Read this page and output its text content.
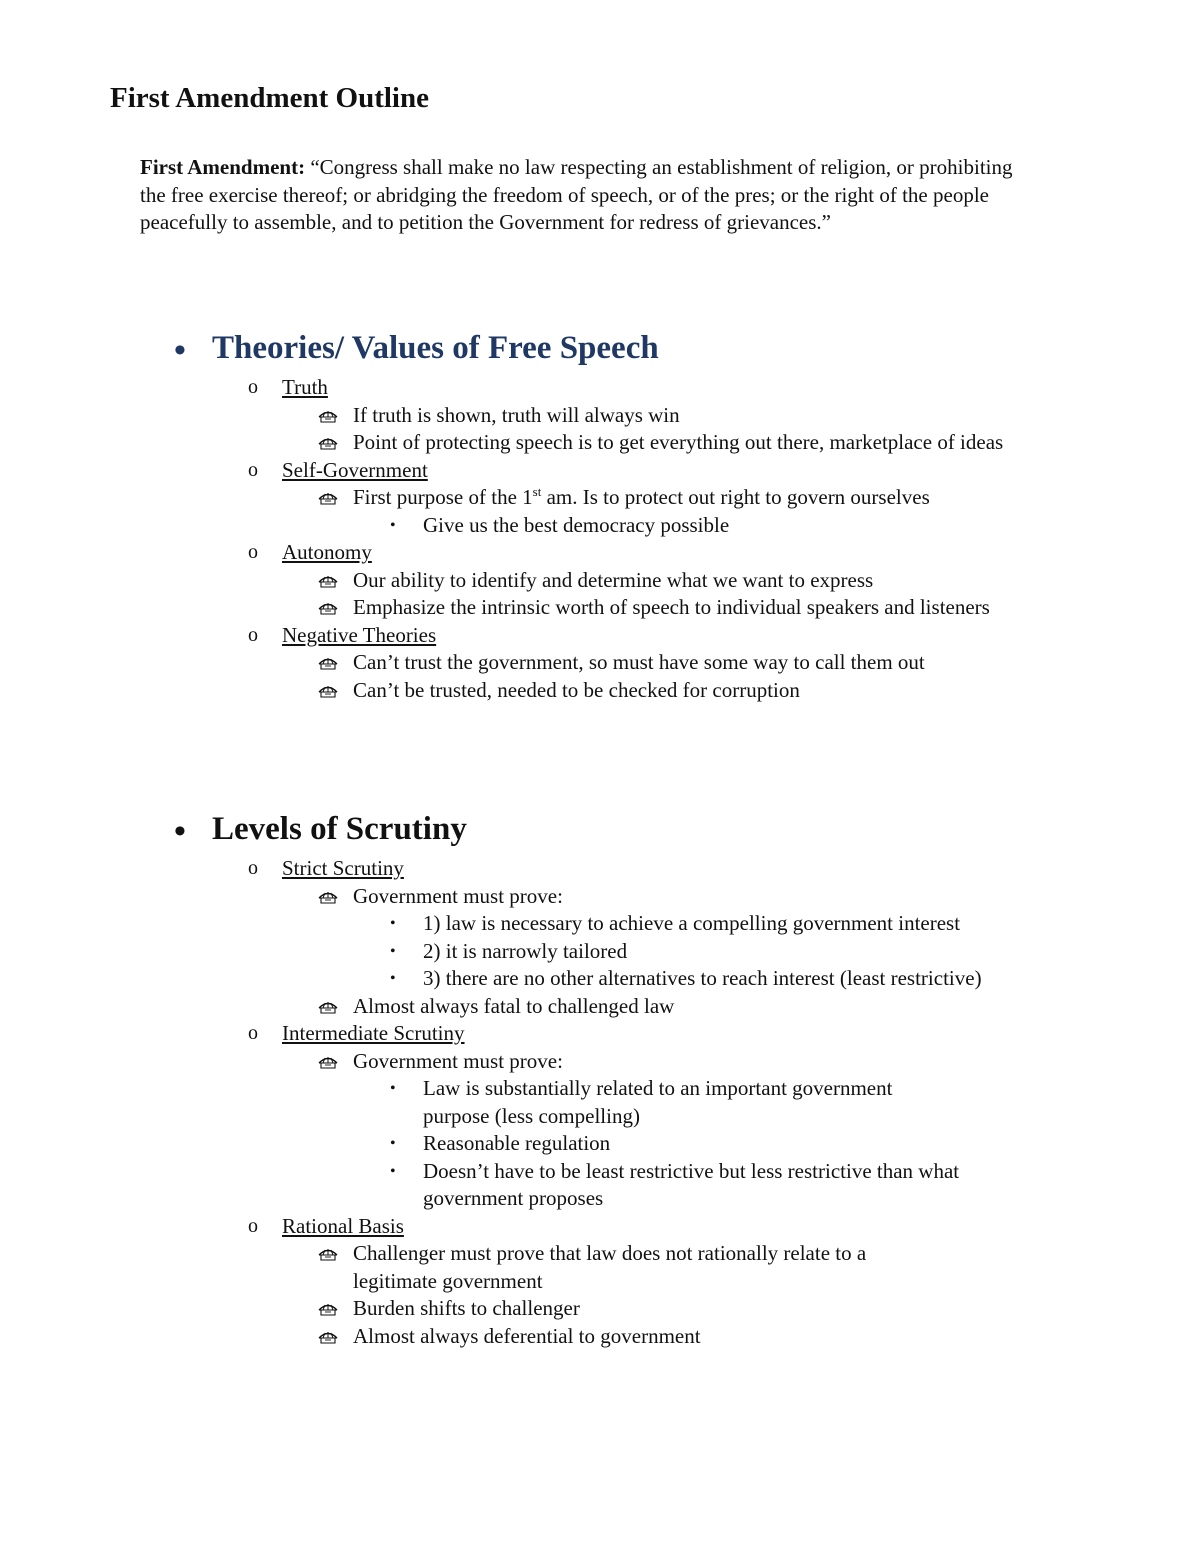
First Amendment Outline
First Amendment: “Congress shall make no law respecting an establishment of religion, or prohibiting the free exercise thereof; or abridging the freedom of speech, or of the pres; or the right of the people peacefully to assemble, and to petition the Government for redress of grievances.”
• Theories/ Values of Free Speech
o Truth
If truth is shown, truth will always win
Point of protecting speech is to get everything out there, marketplace of ideas
o Self-Government
First purpose of the 1st am. Is to protect out right to govern ourselves
• Give us the best democracy possible
o Autonomy
Our ability to identify and determine what we want to express
Emphasize the intrinsic worth of speech to individual speakers and listeners
o Negative Theories
Can’t trust the government, so must have some way to call them out
Can’t be trusted, needed to be checked for corruption
• Levels of Scrutiny
o Strict Scrutiny
Government must prove:
• 1) law is necessary to achieve a compelling government interest
• 2) it is narrowly tailored
• 3) there are no other alternatives to reach interest (least restrictive)
Almost always fatal to challenged law
o Intermediate Scrutiny
Government must prove:
• Law is substantially related to an important government purpose (less compelling)
• Reasonable regulation
• Doesn’t have to be least restrictive but less restrictive than what government proposes
o Rational Basis
Challenger must prove that law does not rationally relate to a legitimate government
Burden shifts to challenger
Almost always deferential to government
